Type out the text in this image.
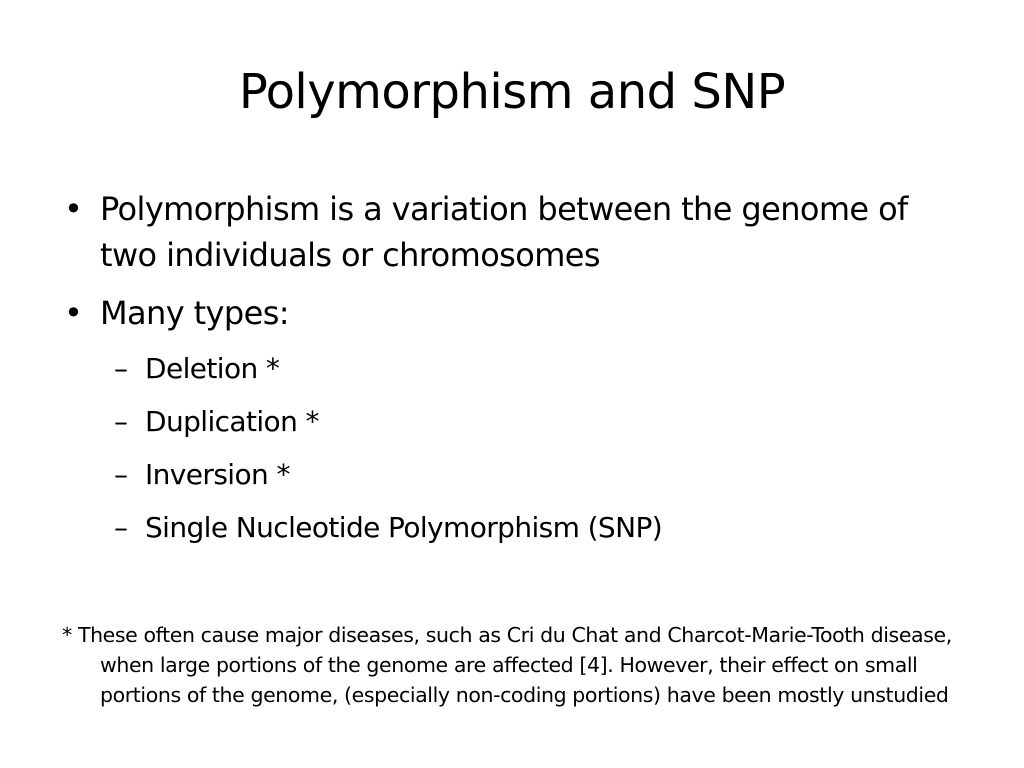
Polymorphism and SNP

• Polymorphism is a variation between the genome of two individuals or chromosomes

• Many types:

– Deletion *
– Duplication *
– Inversion *
– Single Nucleotide Polymorphism (SNP)
* These often cause major diseases, such as Cri du Chat and Charcot-Marie-Tooth disease, when large portions of the genome are affected [4]. However, their effect on small portions of the genome, (especially non-coding portions) have been mostly unstudied
